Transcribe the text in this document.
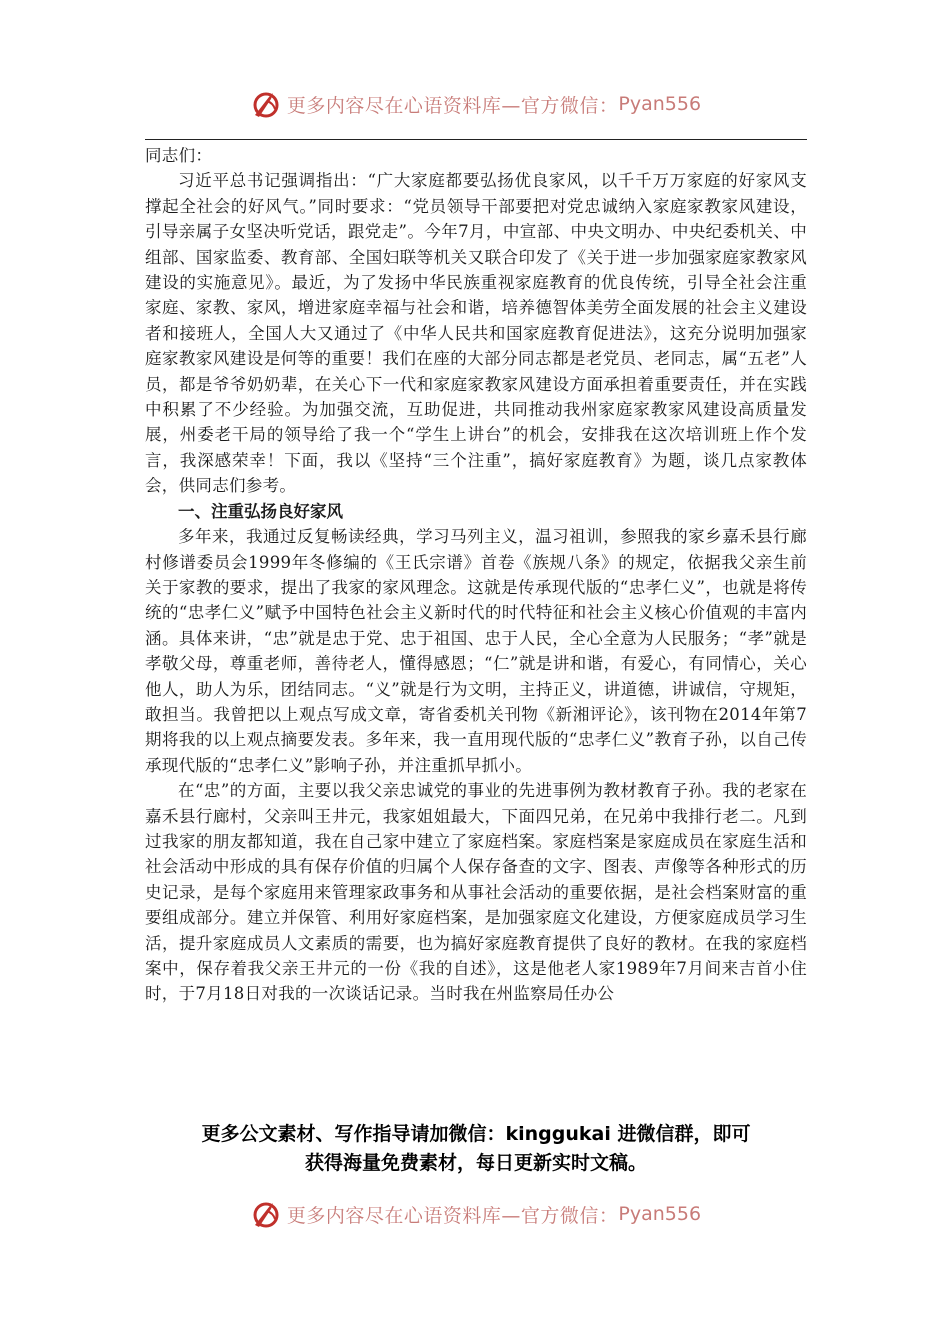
更多内容尽在心语资料库—官方微信： Pyan556

同志们：

习近平总书记强调指出：“广大家庭都要弘扬优良家风，以千千万万家庭的好家风支撑起全社会的好风气。”同时要求：“党员领导干部要把对党忠诚纳入家庭家教家风建设，引导亲属子女坚决听党话，跟党走”。今年7月，中宣部、中央文明办、中央纪委机关、中组部、国家监委、教育部、全国妇联等机关又联合印发了《关于进一步加强家庭家教家风建设的实施意见》。最近，为了发扬中华民族重视家庭教育的优良传统，引导全社会注重家庭、家教、家风，增进家庭幸福与社会和谐，培养德智体美劳全面发展的社会主义建设者和接班人，全国人大又通过了《中华人民共和国家庭教育促进法》，这充分说明加强家庭家教家风建设是何等的重要！我们在座的大部分同志都是老党员、老同志，属“五老”人员，都是爷爷奶奶辈，在关心下一代和家庭家教家风建设方面承担着重要责任，并在实践中积累了不少经验。为加强交流，互助促进，共同推动我州家庭家教家风建设高质量发展，州委老干局的领导给了我一个“学生上讲台”的机会，安排我在这次培训班上作个发言，我深感荣幸！下面，我以《坚持“三个注重”，搞好家庭教育》为题，谈几点家教体会，供同志们参考。

一、注重弘扬良好家风

多年来，我通过反复畅读经典，学习马列主义，温习祖训，参照我的家乡嘉禾县行廊村修谱委员会1999年冬修编的《王氏宗谱》首卷《族规八条》的规定，依据我父亲生前关于家教的要求，提出了我家的家风理念。这就是传承现代版的“忠孝仁义”，也就是将传统的“忠孝仁义”赋予中国特色社会主义新时代的时代特征和社会主义核心价值观的丰富内涵。具体来讲，“忠”就是忠于党、忠于祖国、忠于人民，全心全意为人民服务；“孝”就是孝敬父母，尊重老师，善待老人，懂得感恩；“仁”就是讲和谐，有爱心，有同情心，关心他人，助人为乐，团结同志。“义”就是行为文明，主持正义，讲道德，讲诚信，守规矩，敢担当。我曾把以上观点写成文章，寄省委机关刊物《新湘评论》，该刊物在2014年第7期将我的以上观点摘要发表。多年来，我一直用现代版的“忠孝仁义”教育子孙，以自己传承现代版的“忠孝仁义”影响子孙，并注重抓早抓小。

在“忠”的方面，主要以我父亲忠诚党的事业的先进事例为教材教育子孙。我的老家在嘉禾县行廊村，父亲叫王井元，我家姐姐最大，下面四兄弟，在兄弟中我排行老二。凡到过我家的朋友都知道，我在自己家中建立了家庭档案。家庭档案是家庭成员在家庭生活和社会活动中形成的具有保存价值的归属个人保存备查的文字、图表、声像等各种形式的历史记录，是每个家庭用来管理家政事务和从事社会活动的重要依据，是社会档案财富的重要组成部分。建立并保管、利用好家庭档案，是加强家庭文化建设，方便家庭成员学习生活，提升家庭成员人文素质的需要，也为搞好家庭教育提供了良好的教材。在我的家庭档案中，保存着我父亲王井元的一份《我的自述》，这是他老人家1989年7月间来吉首小住时，于7月18日对我的一次谈话记录。当时我在州监察局任办公

更多公文素材、写作指导请加微信：kinggukai 进微信群，即可
获得海量免费素材，每日更新实时文稿。
更多内容尽在心语资料库—官方微信： Pyan556
